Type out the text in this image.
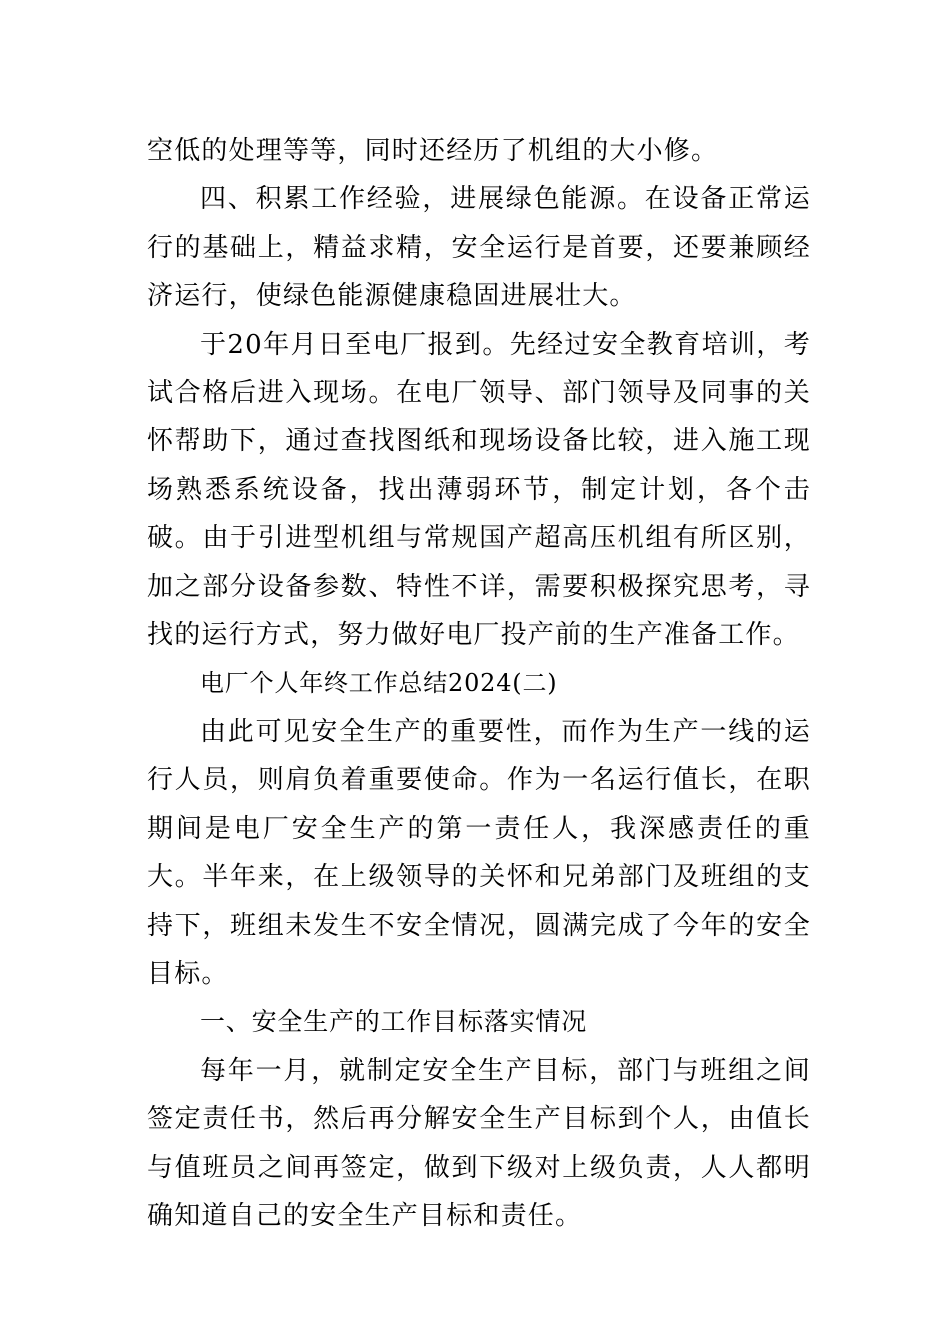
空低的处理等等，同时还经历了机组的大小修。

四、积累工作经验，进展绿色能源。在设备正常运行的基础上，精益求精，安全运行是首要，还要兼顾经济运行，使绿色能源健康稳固进展壮大。

于20年月日至电厂报到。先经过安全教育培训，考试合格后进入现场。在电厂领导、部门领导及同事的关怀帮助下，通过查找图纸和现场设备比较，进入施工现场熟悉系统设备，找出薄弱环节，制定计划，各个击破。由于引进型机组与常规国产超高压机组有所区别，加之部分设备参数、特性不详，需要积极探究思考，寻找的运行方式，努力做好电厂投产前的生产准备工作。

电厂个人年终工作总结2024(二)

由此可见安全生产的重要性，而作为生产一线的运行人员，则肩负着重要使命。作为一名运行值长，在职期间是电厂安全生产的第一责任人，我深感责任的重大。半年来，在上级领导的关怀和兄弟部门及班组的支持下，班组未发生不安全情况，圆满完成了今年的安全目标。

一、安全生产的工作目标落实情况

每年一月，就制定安全生产目标，部门与班组之间签定责任书，然后再分解安全生产目标到个人，由值长与值班员之间再签定，做到下级对上级负责，人人都明确知道自己的安全生产目标和责任。
